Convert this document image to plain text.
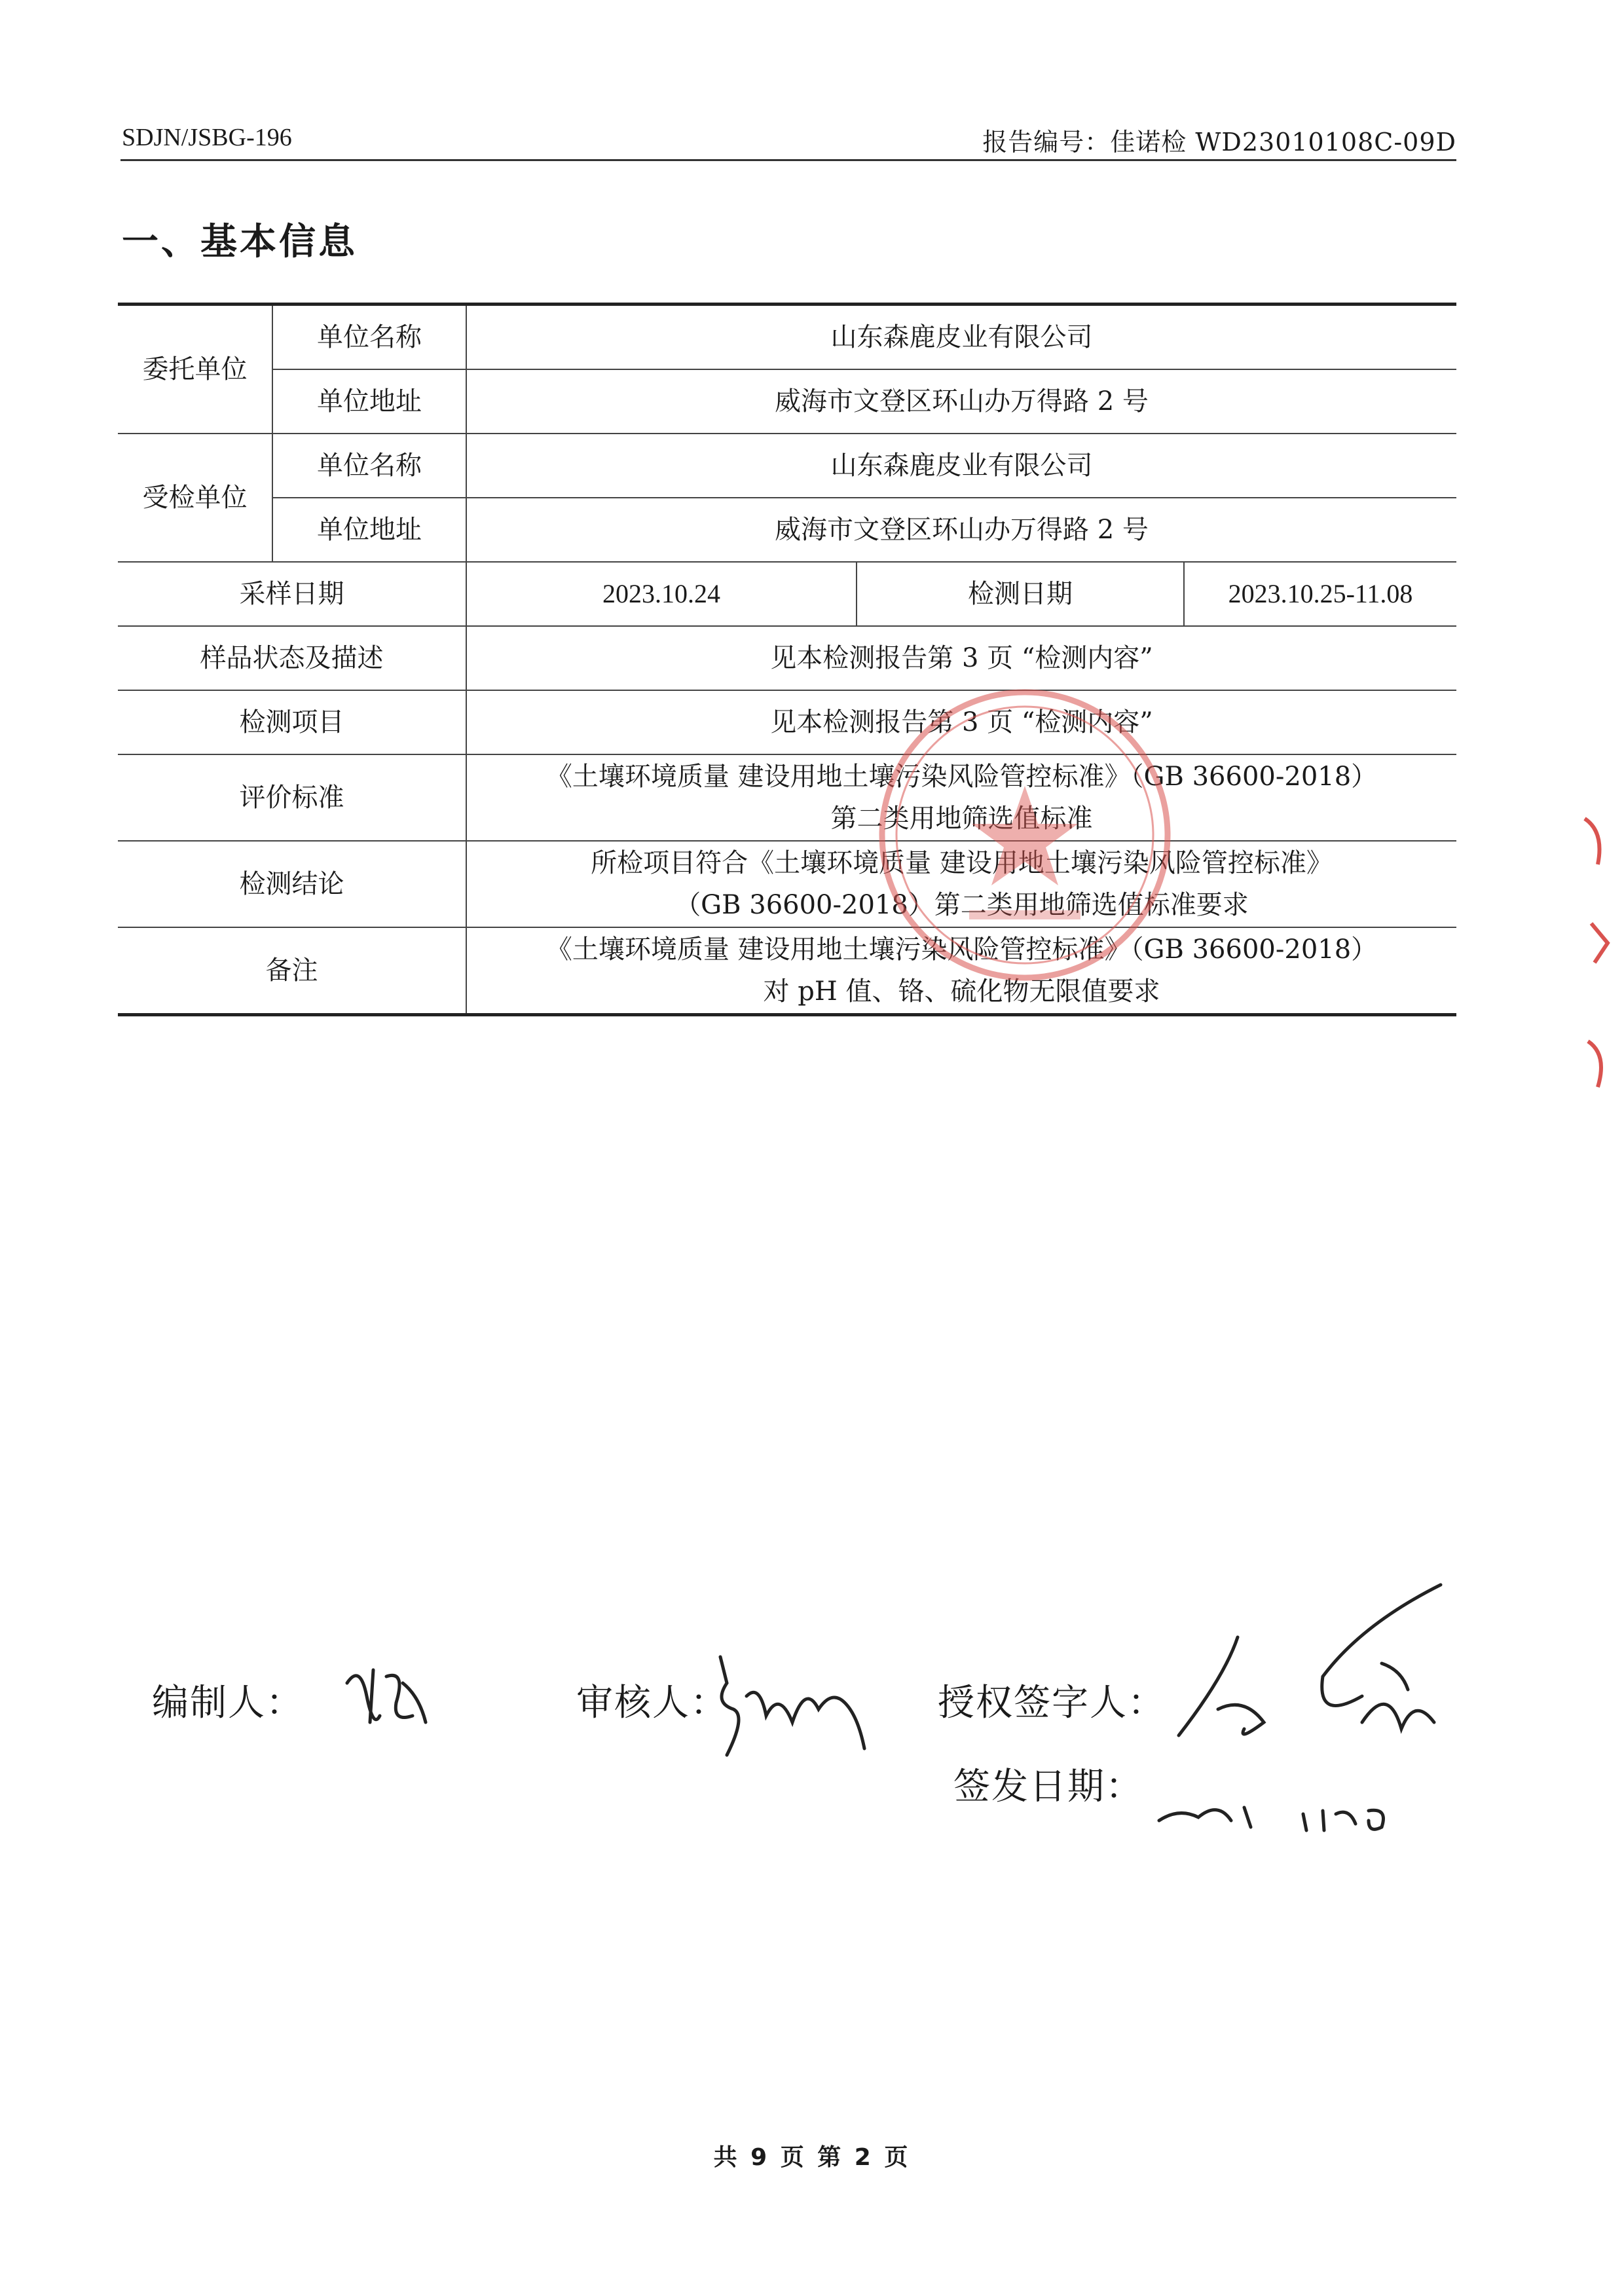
SDJN/JSBG-196	报告编号：佳诺检 WD23010108C-09D
一、基本信息
委托单位	单位名称	山东森鹿皮业有限公司		
	单位地址	威海市文登区环山办万得路 2 号		
受检单位	单位名称	山东森鹿皮业有限公司		
	单位地址	威海市文登区环山办万得路 2 号		
采样日期		2023.10.24	检测日期	2023.10.25-11.08
样品状态及描述		见本检测报告第 3 页 “检测内容”		
检测项目		见本检测报告第 3 页 “检测内容”		
评价标准		《土壤环境质量 建设用地土壤污染风险管控标准》（GB 36600-2018）
第二类用地筛选值标准		

检测结论		所检项目符合《土壤环境质量 建设用地土壤污染风险管控标准》
（GB 36600-2018）第二类用地筛选值标准要求		

备注		《土壤环境质量 建设用地土壤污染风险管控标准》（GB 36600-2018）
对 pH 值、铬、硫化物无限值要求		
编制人：	审核人：	授权签字人：
签发日期：
共 9 页 第 2 页
